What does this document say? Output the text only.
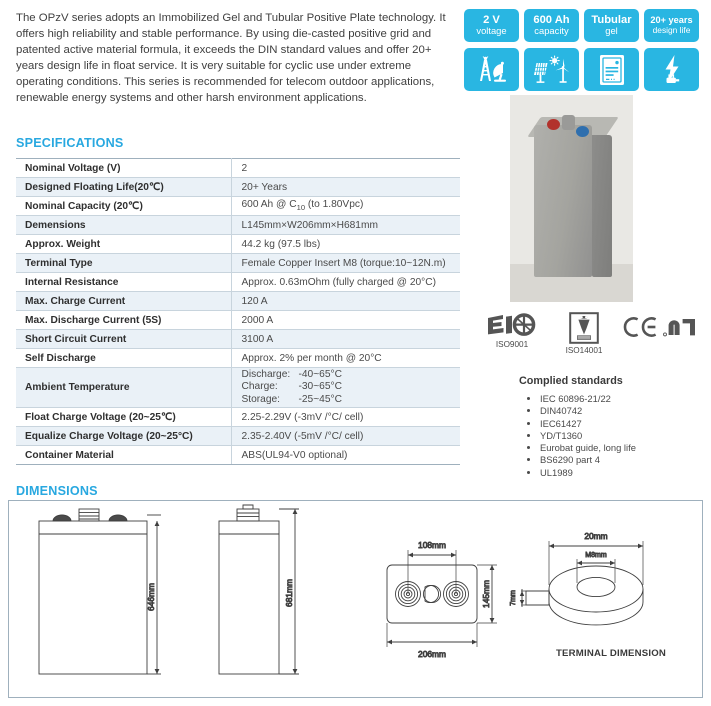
The OPzV series adopts an Immobilized Gel and Tubular Positive Plate technology. It offers high reliability and stable performance. By using die-casted positive grid and patented active material formula, it exceeds the DIN standard values and offer 20+ years design life in float service. It is very suitable for cyclic use under extreme operating conditions. This series is recommended for telecom outdoor applications, renewable energy systems and other harsh environment applications.
SPECIFICATIONS
DIMENSIONS
2 V
voltage
600 Ah
capacity
Tubular
gel
20+ years
design life
Nominal Voltage (V)	2
Designed Floating Life(20℃)	20+ Years
Nominal Capacity (20℃)	600 Ah @ $C_{10}$ (to 1.80Vpc)
Demensions	L145mm×W206mm×H681mm
Approx. Weight	44.2 kg (97.5 lbs)
Terminal Type	Female Copper Insert M8 (torque:10~12N.m)
Internal Resistance	Approx. 0.63mOhm (fully charged @ 20°C)
Max. Charge Current	120 A
Max. Discharge Current (5S)	2000 A
Short Circuit Current	3100 A
Self Discharge	Approx. 2% per month @ 20°C
Ambient Temperature	Discharge: -40~65°C
Charge: -30~65°C
Storage: -25~45°C
Float Charge Voltage (20~25℃)	2.25-2.29V (-3mV /°C/ cell)
Equalize Charge Voltage (20~25°C)	2.35-2.40V (-5mV /°C/ cell)
Container Material	ABS(UL94-V0 optional)
ISO9001
ISO14001
Complied standards
• IEC 60896-21/22
• DIN40742
• IEC61427
• YD/T1360
• Eurobat guide, long life
• BS6290 part 4
• UL1989
646mm	681mm
108mm
206mm
145mm
20mm
M8mm
7mm
TERMINAL DIMENSION
